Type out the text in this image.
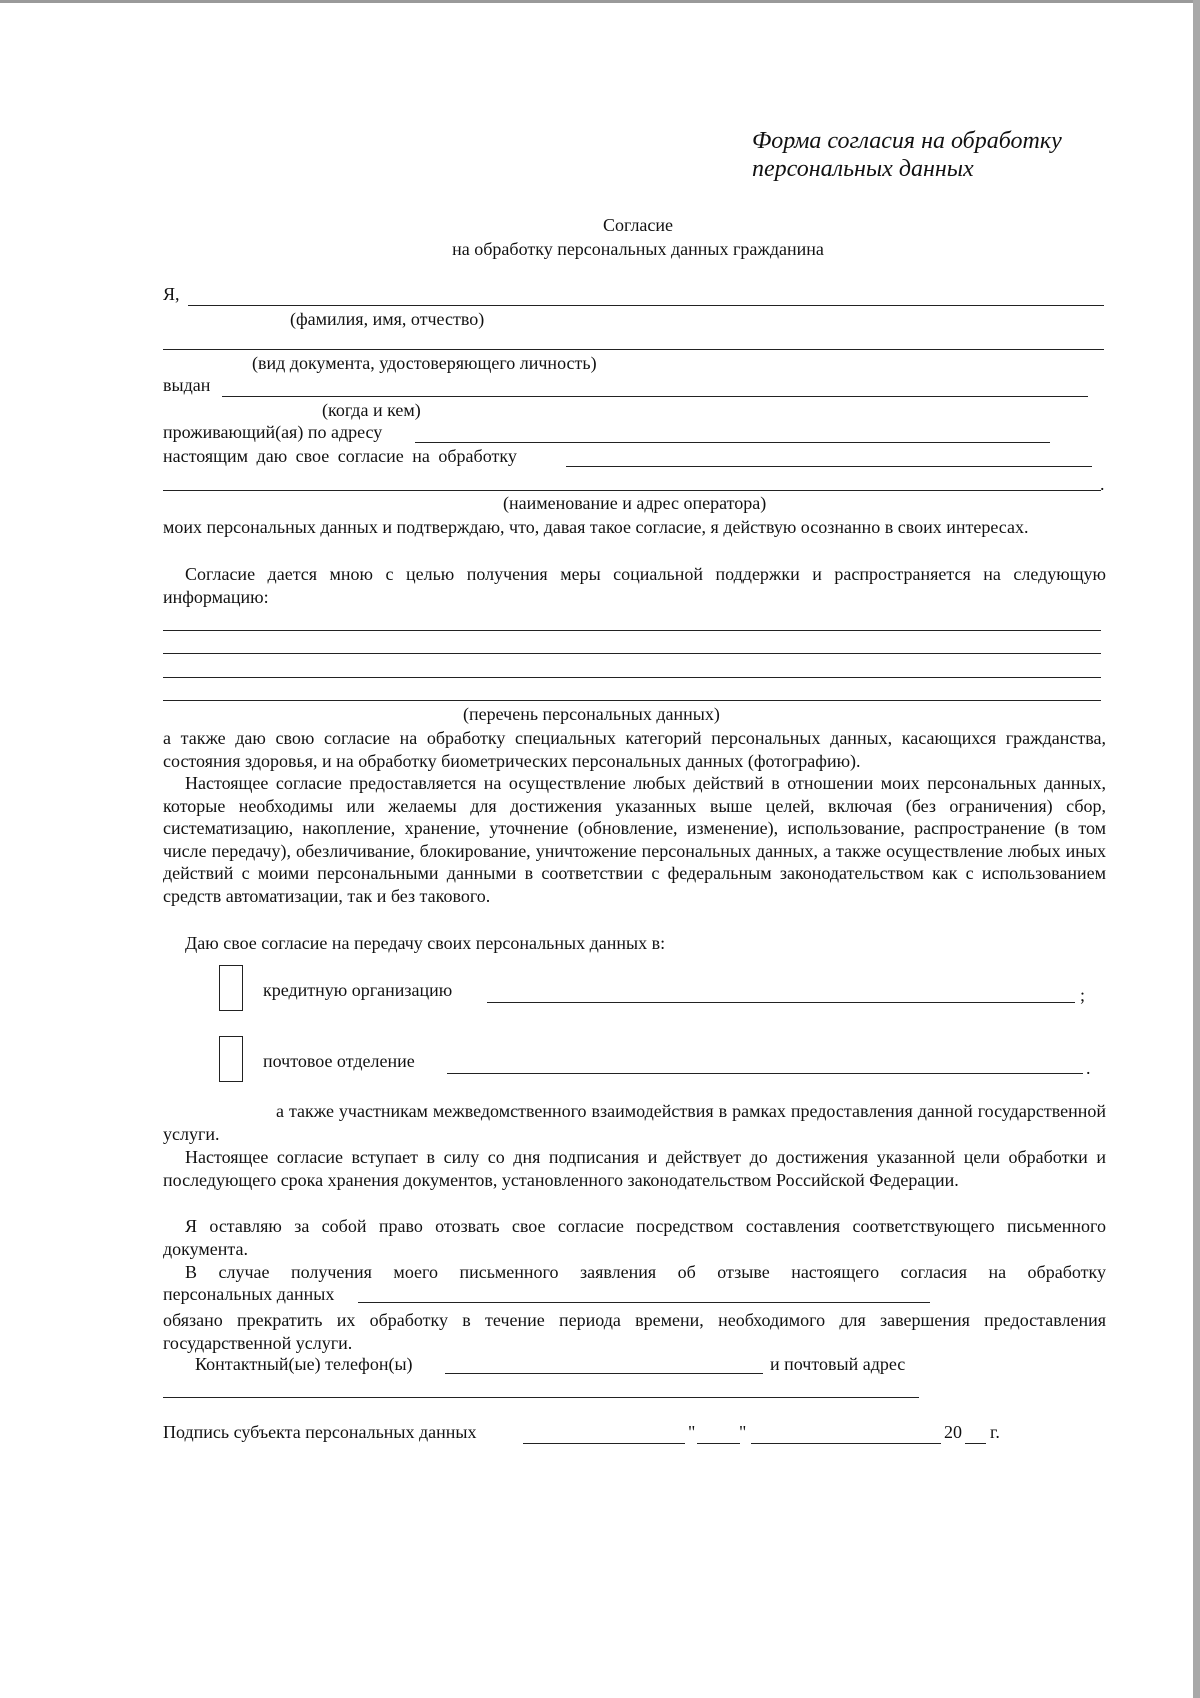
Форма согласия на обработку
персональных данных
Согласие
на обработку персональных данных гражданина
Я,
(фамилия, имя, отчество)
(вид документа, удостоверяющего личность)
выдан
(когда и кем)
проживающий(ая) по адресу
настоящим даю свое согласие на обработку
.
(наименование и адрес оператора)
моих персональных данных и подтверждаю, что, давая такое согласие, я действую осознанно в своих интересах.
Согласие дается мною с целью получения меры социальной поддержки и распространяется на следующую информацию:
(перечень персональных данных)
а также даю свою согласие на обработку специальных категорий персональных данных, касающихся гражданства, состояния здоровья, и на обработку биометрических персональных данных (фотографию).
Настоящее согласие предоставляется на осуществление любых действий в отношении моих персональных данных, которые необходимы или желаемы для достижения указанных выше целей, включая (без ограничения) сбор, систематизацию, накопление, хранение, уточнение (обновление, изменение), использование, распространение (в том числе передачу), обезличивание, блокирование, уничтожение персональных данных, а также осуществление любых иных действий с моими персональными данными в соответствии с федеральным законодательством как с использованием средств автоматизации, так и без такового.
Даю свое согласие на передачу своих персональных данных в:
кредитную организацию	;
почтовое отделение	.
а также участникам межведомственного взаимодействия в рамках предоставления данной государственной услуги.
Настоящее согласие вступает в силу со дня подписания и действует до достижения указанной цели обработки и последующего срока хранения документов, установленного законодательством Российской Федерации.
Я оставляю за собой право отозвать свое согласие посредством составления соответствующего письменного документа.
В случае получения моего письменного заявления об отзыве настоящего согласия на обработку
персональных данных
обязано прекратить их обработку в течение периода времени, необходимого для завершения предоставления государственной услуги.
Контактный(ые) телефон(ы)	и почтовый адрес
Подпись субъекта персональных данных	" "	20 г.
